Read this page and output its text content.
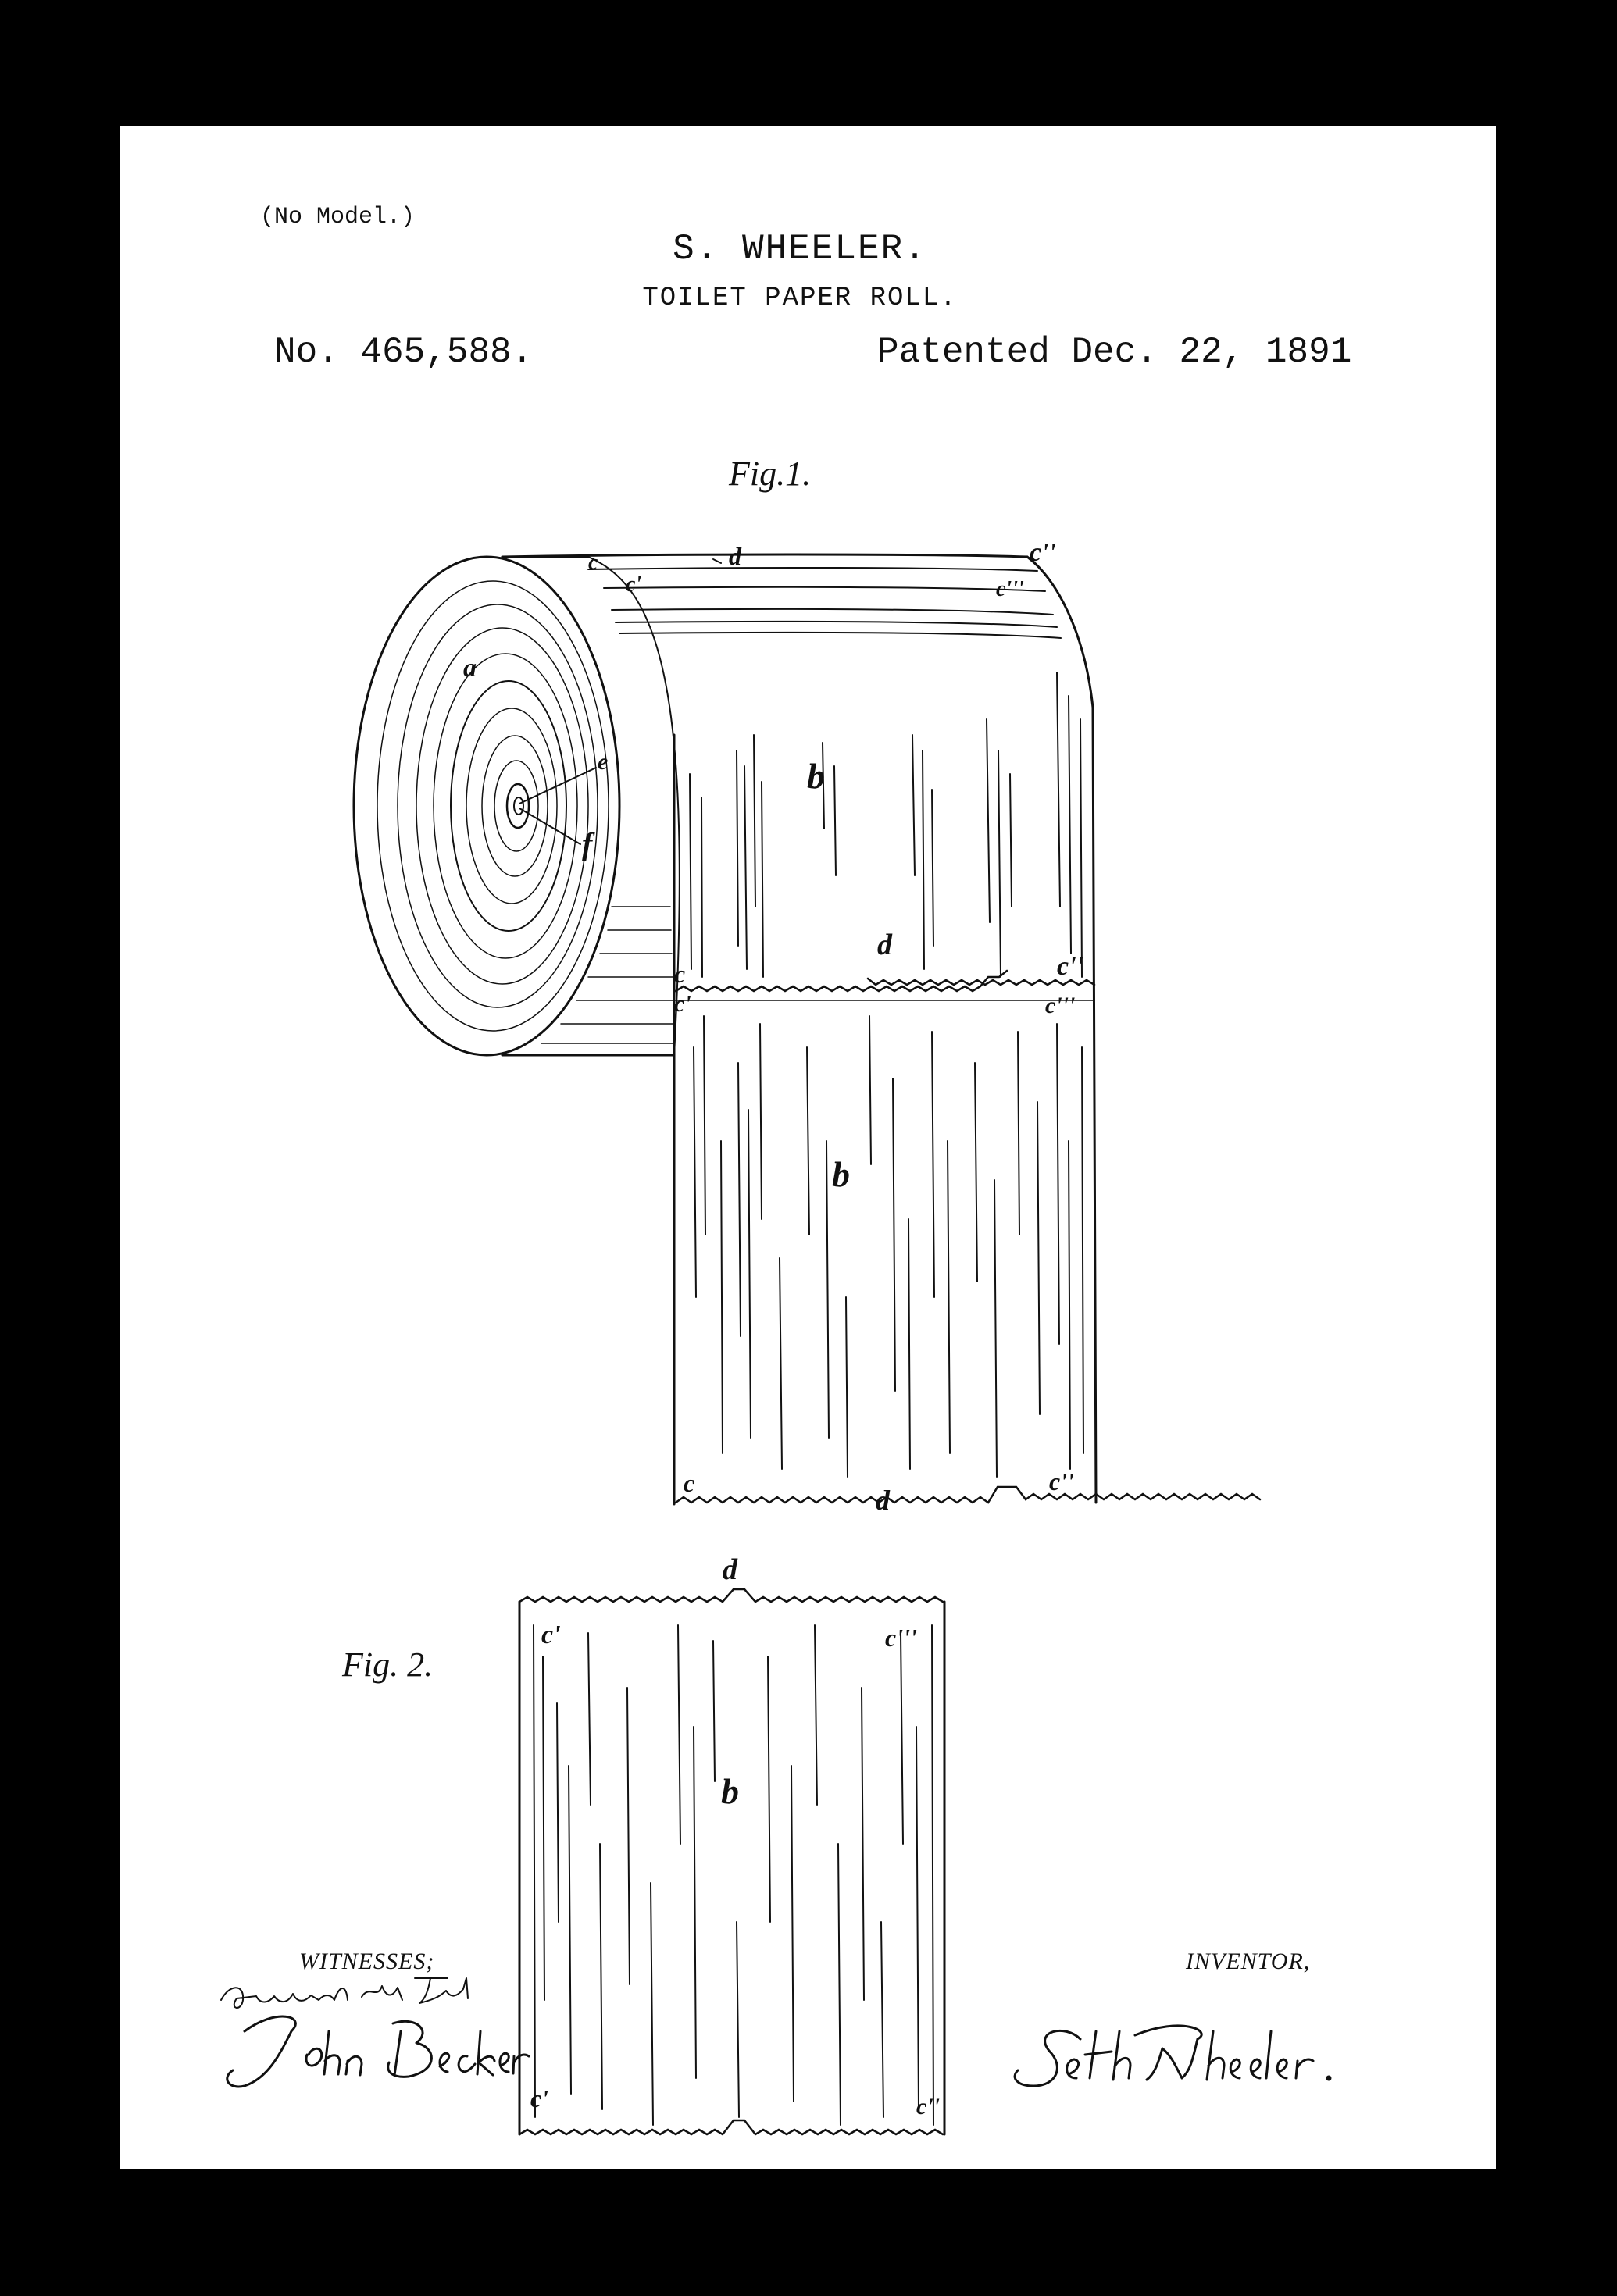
(No Model.)
S. WHEELER.
TOILET PAPER ROLL.
No. 465,588.	Patented Dec. 22, 1891
Fig.1.
Fig. 2.
c	d	c''
c'	c'''
a
e
f
b
c
d
c''
c'	c'''
b
c
d
c''
d
c'	c'''
b
c'	c''
WITNESSES;	INVENTOR,
